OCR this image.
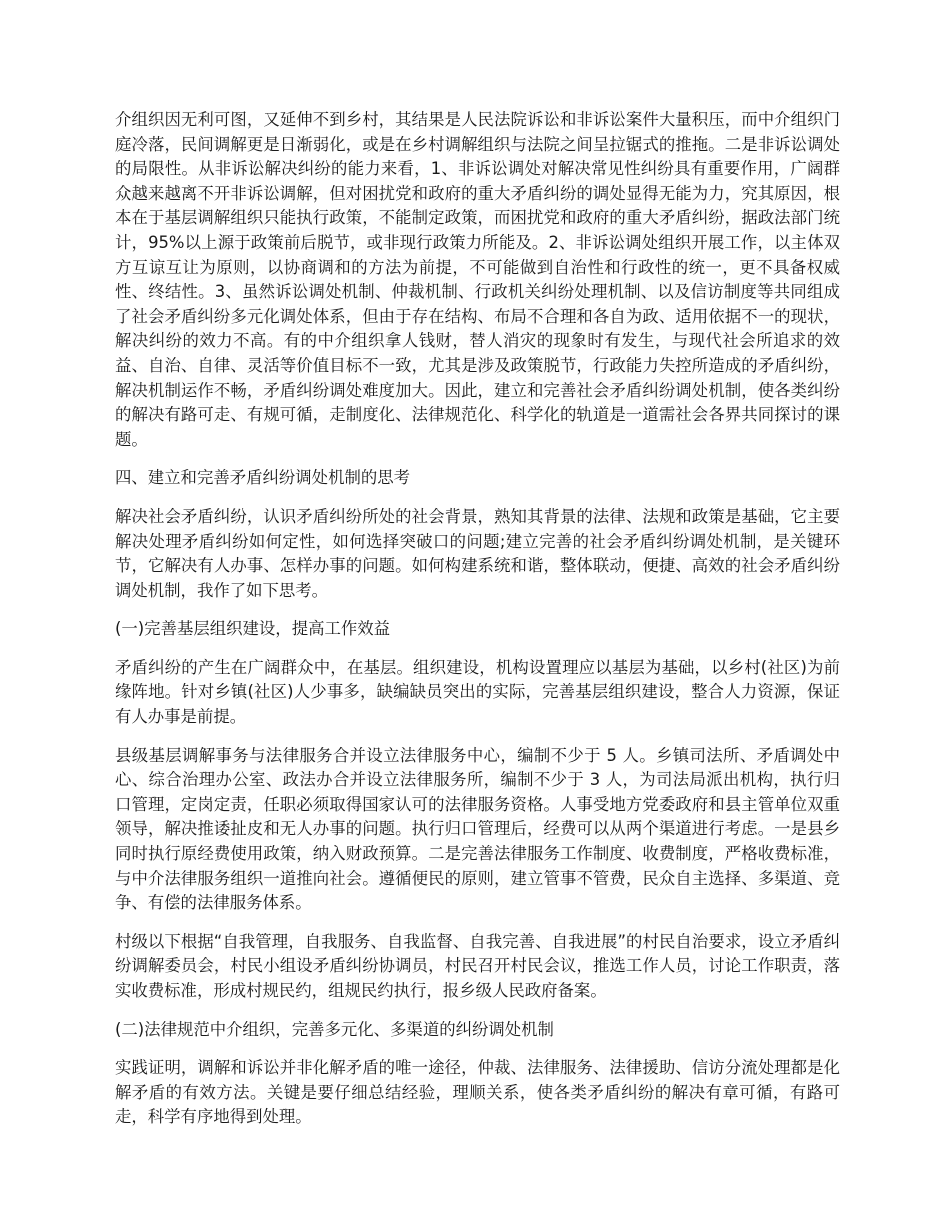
介组织因无利可图，又延伸不到乡村，其结果是人民法院诉讼和非诉讼案件大量积压，而中介组织门庭冷落，民间调解更是日渐弱化，或是在乡村调解组织与法院之间呈拉锯式的推拖。二是非诉讼调处的局限性。从非诉讼解决纠纷的能力来看，1、非诉讼调处对解决常见性纠纷具有重要作用，广阔群众越来越离不开非诉讼调解，但对困扰党和政府的重大矛盾纠纷的调处显得无能为力，究其原因，根本在于基层调解组织只能执行政策，不能制定政策，而困扰党和政府的重大矛盾纠纷，据政法部门统计，95%以上源于政策前后脱节，或非现行政策力所能及。2、非诉讼调处组织开展工作，以主体双方互谅互让为原则，以协商调和的方法为前提，不可能做到自治性和行政性的统一，更不具备权威性、终结性。3、虽然诉讼调处机制、仲裁机制、行政机关纠纷处理机制、以及信访制度等共同组成了社会矛盾纠纷多元化调处体系，但由于存在结构、布局不合理和各自为政、适用依据不一的现状，解决纠纷的效力不高。有的中介组织拿人钱财，替人消灾的现象时有发生，与现代社会所追求的效益、自治、自律、灵活等价值目标不一致，尤其是涉及政策脱节，行政能力失控所造成的矛盾纠纷，解决机制运作不畅，矛盾纠纷调处难度加大。因此，建立和完善社会矛盾纠纷调处机制，使各类纠纷的解决有路可走、有规可循，走制度化、法律规范化、科学化的轨道是一道需社会各界共同探讨的课题。

四、建立和完善矛盾纠纷调处机制的思考

解决社会矛盾纠纷，认识矛盾纠纷所处的社会背景，熟知其背景的法律、法规和政策是基础，它主要解决处理矛盾纠纷如何定性，如何选择突破口的问题;建立完善的社会矛盾纠纷调处机制，是关键环节，它解决有人办事、怎样办事的问题。如何构建系统和谐，整体联动，便捷、高效的社会矛盾纠纷调处机制，我作了如下思考。

(一)完善基层组织建设，提高工作效益

矛盾纠纷的产生在广阔群众中，在基层。组织建设，机构设置理应以基层为基础，以乡村(社区)为前缘阵地。针对乡镇(社区)人少事多，缺编缺员突出的实际，完善基层组织建设，整合人力资源，保证有人办事是前提。

县级基层调解事务与法律服务合并设立法律服务中心，编制不少于 5 人。乡镇司法所、矛盾调处中心、综合治理办公室、政法办合并设立法律服务所，编制不少于 3 人，为司法局派出机构，执行归口管理，定岗定责，任职必须取得国家认可的法律服务资格。人事受地方党委政府和县主管单位双重领导，解决推诿扯皮和无人办事的问题。执行归口管理后，经费可以从两个渠道进行考虑。一是县乡同时执行原经费使用政策，纳入财政预算。二是完善法律服务工作制度、收费制度，严格收费标准，与中介法律服务组织一道推向社会。遵循便民的原则，建立管事不管费，民众自主选择、多渠道、竞争、有偿的法律服务体系。

村级以下根据“自我管理，自我服务、自我监督、自我完善、自我进展”的村民自治要求，设立矛盾纠纷调解委员会，村民小组设矛盾纠纷协调员，村民召开村民会议，推选工作人员，讨论工作职责，落实收费标准，形成村规民约，组规民约执行，报乡级人民政府备案。

(二)法律规范中介组织，完善多元化、多渠道的纠纷调处机制

实践证明，调解和诉讼并非化解矛盾的唯一途径，仲裁、法律服务、法律援助、信访分流处理都是化解矛盾的有效方法。关键是要仔细总结经验，理顺关系，使各类矛盾纠纷的解决有章可循，有路可走，科学有序地得到处理。
